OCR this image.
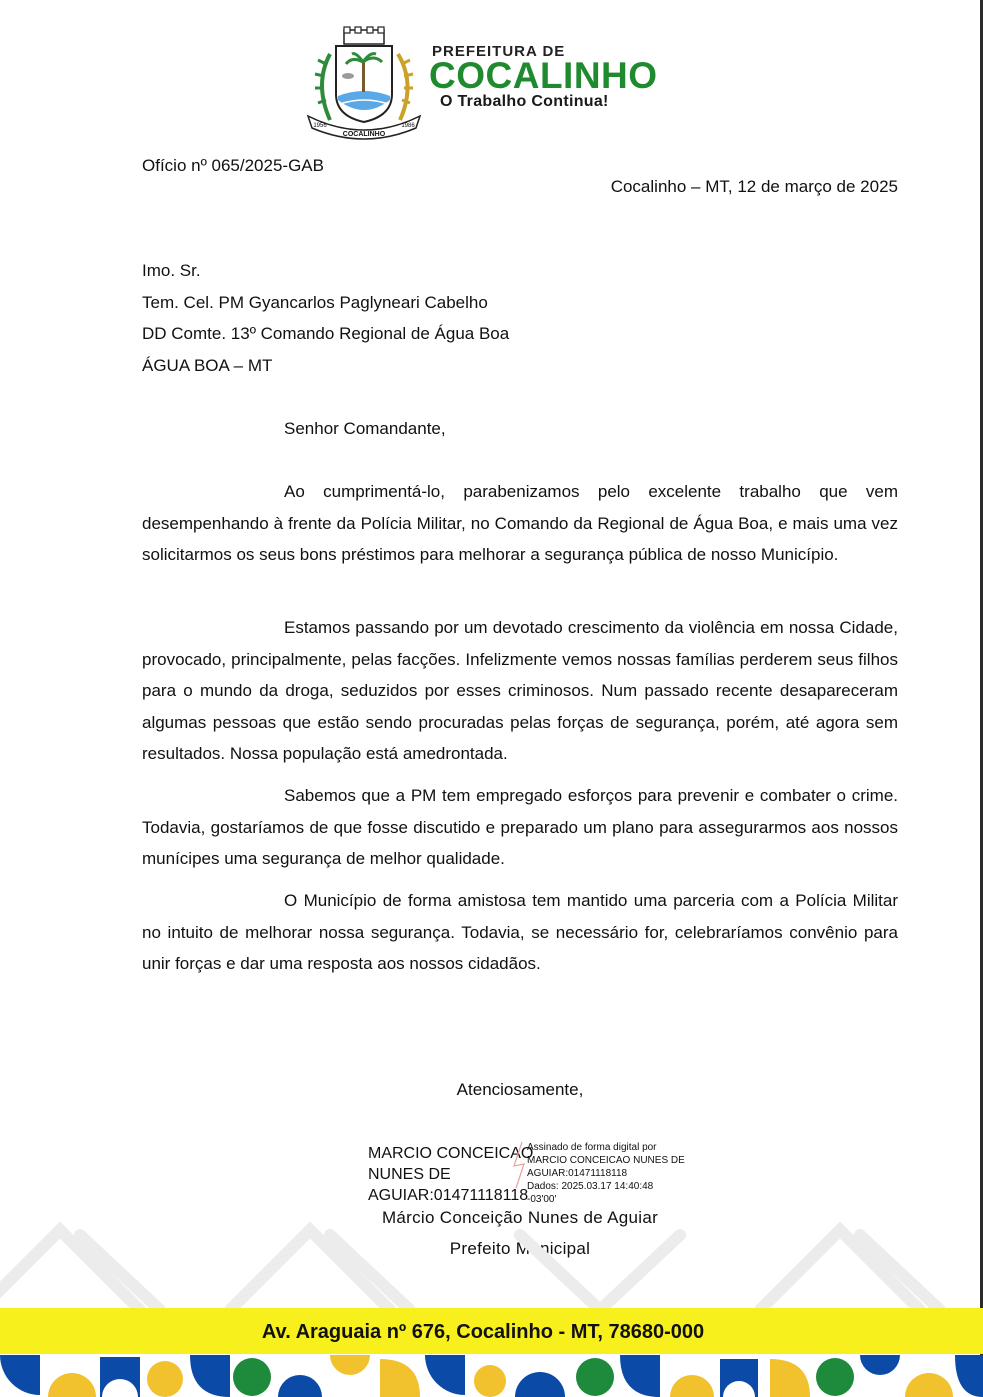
COCALINHO
1956	1986
PREFEITURA DE
COCALINHO
O Trabalho Continua!
Ofício nº 065/2025-GAB
Cocalinho – MT, 12 de março de 2025
Imo. Sr.
Tem. Cel. PM Gyancarlos Paglyneari Cabelho
DD Comte. 13º Comando Regional de Água Boa
ÁGUA BOA – MT
Senhor Comandante,

Ao cumprimentá-lo, parabenizamos pelo excelente trabalho que vem desempenhando à frente da Polícia Militar, no Comando da Regional de Água Boa, e mais uma vez solicitarmos os seus bons préstimos para melhorar a segurança pública de nosso Município.

Estamos passando por um devotado crescimento da violência em nossa Cidade, provocado, principalmente, pelas facções. Infelizmente vemos nossas famílias perderem seus filhos para o mundo da droga, seduzidos por esses criminosos. Num passado recente desapareceram algumas pessoas que estão sendo procuradas pelas forças de segurança, porém, até agora sem resultados. Nossa população está amedrontada.

Sabemos que a PM tem empregado esforços para prevenir e combater o crime. Todavia, gostaríamos de que fosse discutido e preparado um plano para assegurarmos aos nossos munícipes uma segurança de melhor qualidade.

O Município de forma amistosa tem mantido uma parceria com a Polícia Militar no intuito de melhorar nossa segurança. Todavia, se necessário for, celebraríamos convênio para unir forças e dar uma resposta aos nossos cidadãos.

Atenciosamente,
MARCIO CONCEICAO
NUNES DE
AGUIAR:01471118118
Assinado de forma digital por
MARCIO CONCEICAO NUNES DE
AGUIAR:01471118118
Dados: 2025.03.17 14:40:48
-03'00'
Márcio Conceição Nunes de Aguiar
Prefeito Municipal
Av. Araguaia nº 676, Cocalinho - MT, 78680-000
